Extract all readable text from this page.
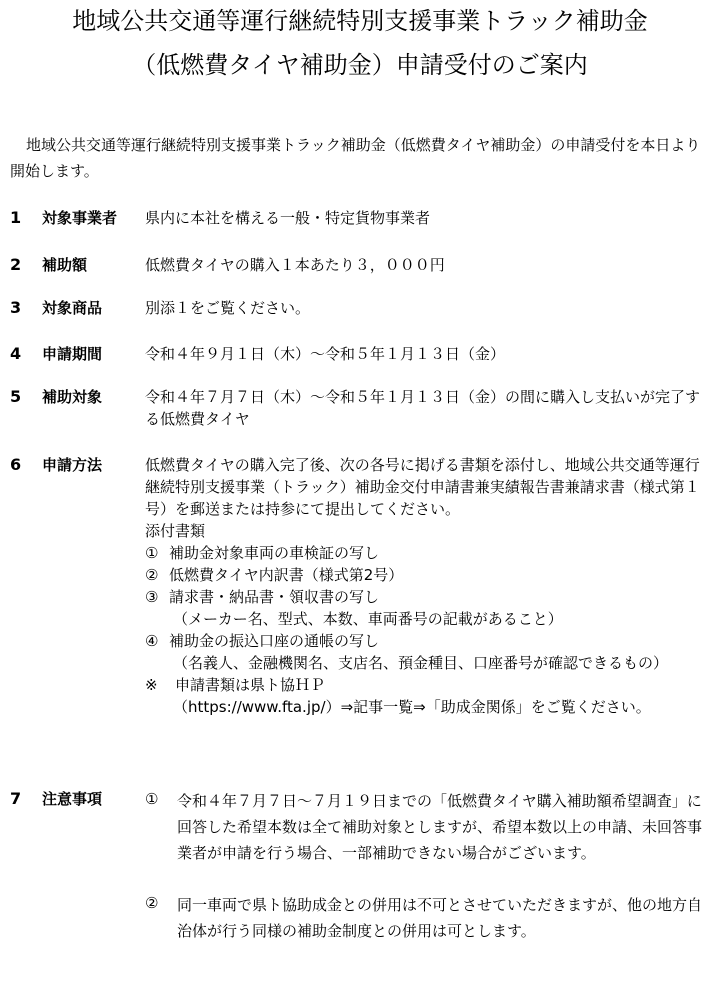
地域公共交通等運行継続特別支援事業トラック補助金
（低燃費タイヤ補助金）申請受付のご案内
地域公共交通等運行継続特別支援事業トラック補助金（低燃費タイヤ補助金）の申請受付を本日より開始します。
1 対象事業者 県内に本社を構える一般・特定貨物事業者
2 補助額	低燃費タイヤの購入１本あたり３，０００円
3 対象商品	別添１をご覧ください。
4 申請期間	令和４年９月１日（木）～令和５年１月１３日（金）
5 補助対象	令和４年７月７日（木）～令和５年１月１３日（金）の間に購入し支払いが完了する低燃費タイヤ
6 申請方法	低燃費タイヤの購入完了後、次の各号に掲げる書類を添付し、地域公共交通等運行継続特別支援事業（トラック）補助金交付申請書兼実績報告書兼請求書（様式第１号）を郵送または持参にて提出してください。

添付書類

① 補助金対象車両の車検証の写し
② 低燃費タイヤ内訳書（様式第2号）
③ 請求書・納品書・領収書の写し
（メーカー名、型式、本数、車両番号の記載があること）
④ 補助金の振込口座の通帳の写し
（名義人、金融機関名、支店名、預金種目、口座番号が確認できるもの）
※	申請書類は県ト協ＨＰ
（https://www.fta.jp/）⇒記事一覧⇒「助成金関係」をご覧ください。
7 注意事項	①	令和４年７月７日～７月１９日までの「低燃費タイヤ購入補助額希望調査」に回答した希望本数は全て補助対象としますが、希望本数以上の申請、未回答事業者が申請を行う場合、一部補助できない場合がございます。
②	同一車両で県ト協助成金との併用は不可とさせていただきますが、他の地方自治体が行う同様の補助金制度との併用は可とします。
